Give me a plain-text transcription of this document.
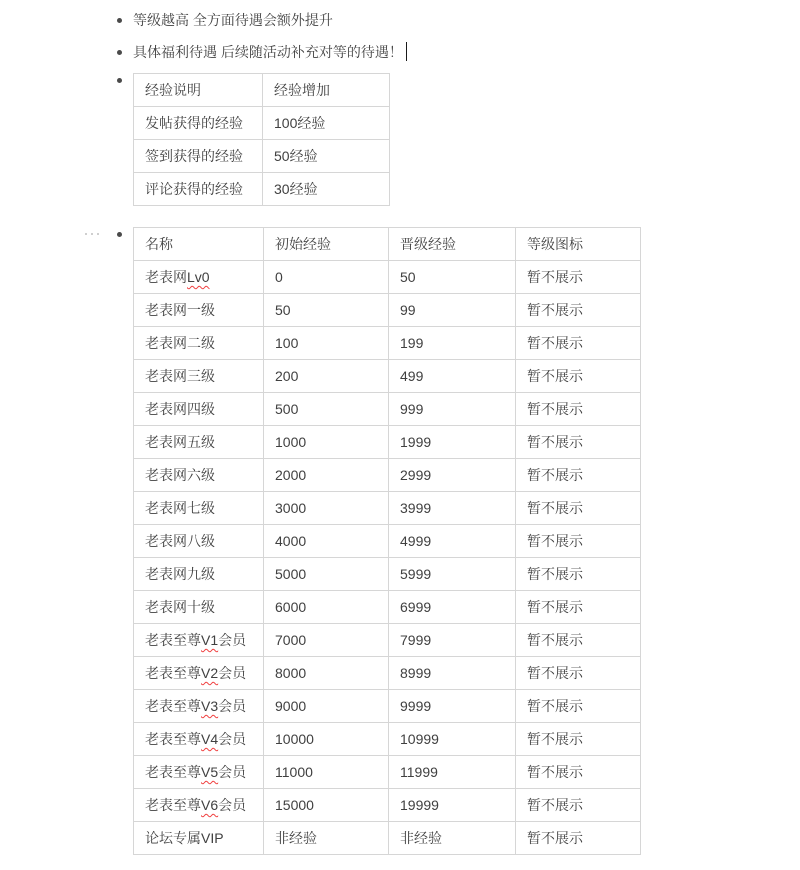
等级越高 全方面待遇会额外提升
具体福利待遇 后续随活动补充对等的待遇！
经验说明	经验增加
发帖获得的经验	100经验
签到获得的经验	50经验
评论获得的经验	30经验
名称	初始经验	晋级经验	等级图标
老表网Lv0	0	50	暂不展示
老表网一级	50	99	暂不展示
老表网二级	100	199	暂不展示
老表网三级	200	499	暂不展示
老表网四级	500	999	暂不展示
老表网五级	1000	1999	暂不展示
老表网六级	2000	2999	暂不展示
老表网七级	3000	3999	暂不展示
老表网八级	4000	4999	暂不展示
老表网九级	5000	5999	暂不展示
老表网十级	6000	6999	暂不展示
老表至尊V1会员	7000	7999	暂不展示
老表至尊V2会员	8000	8999	暂不展示
老表至尊V3会员	9000	9999	暂不展示
老表至尊V4会员	10000	10999	暂不展示
老表至尊V5会员	11000	11999	暂不展示
老表至尊V6会员	15000	19999	暂不展示
论坛专属VIP	非经验	非经验	暂不展示
